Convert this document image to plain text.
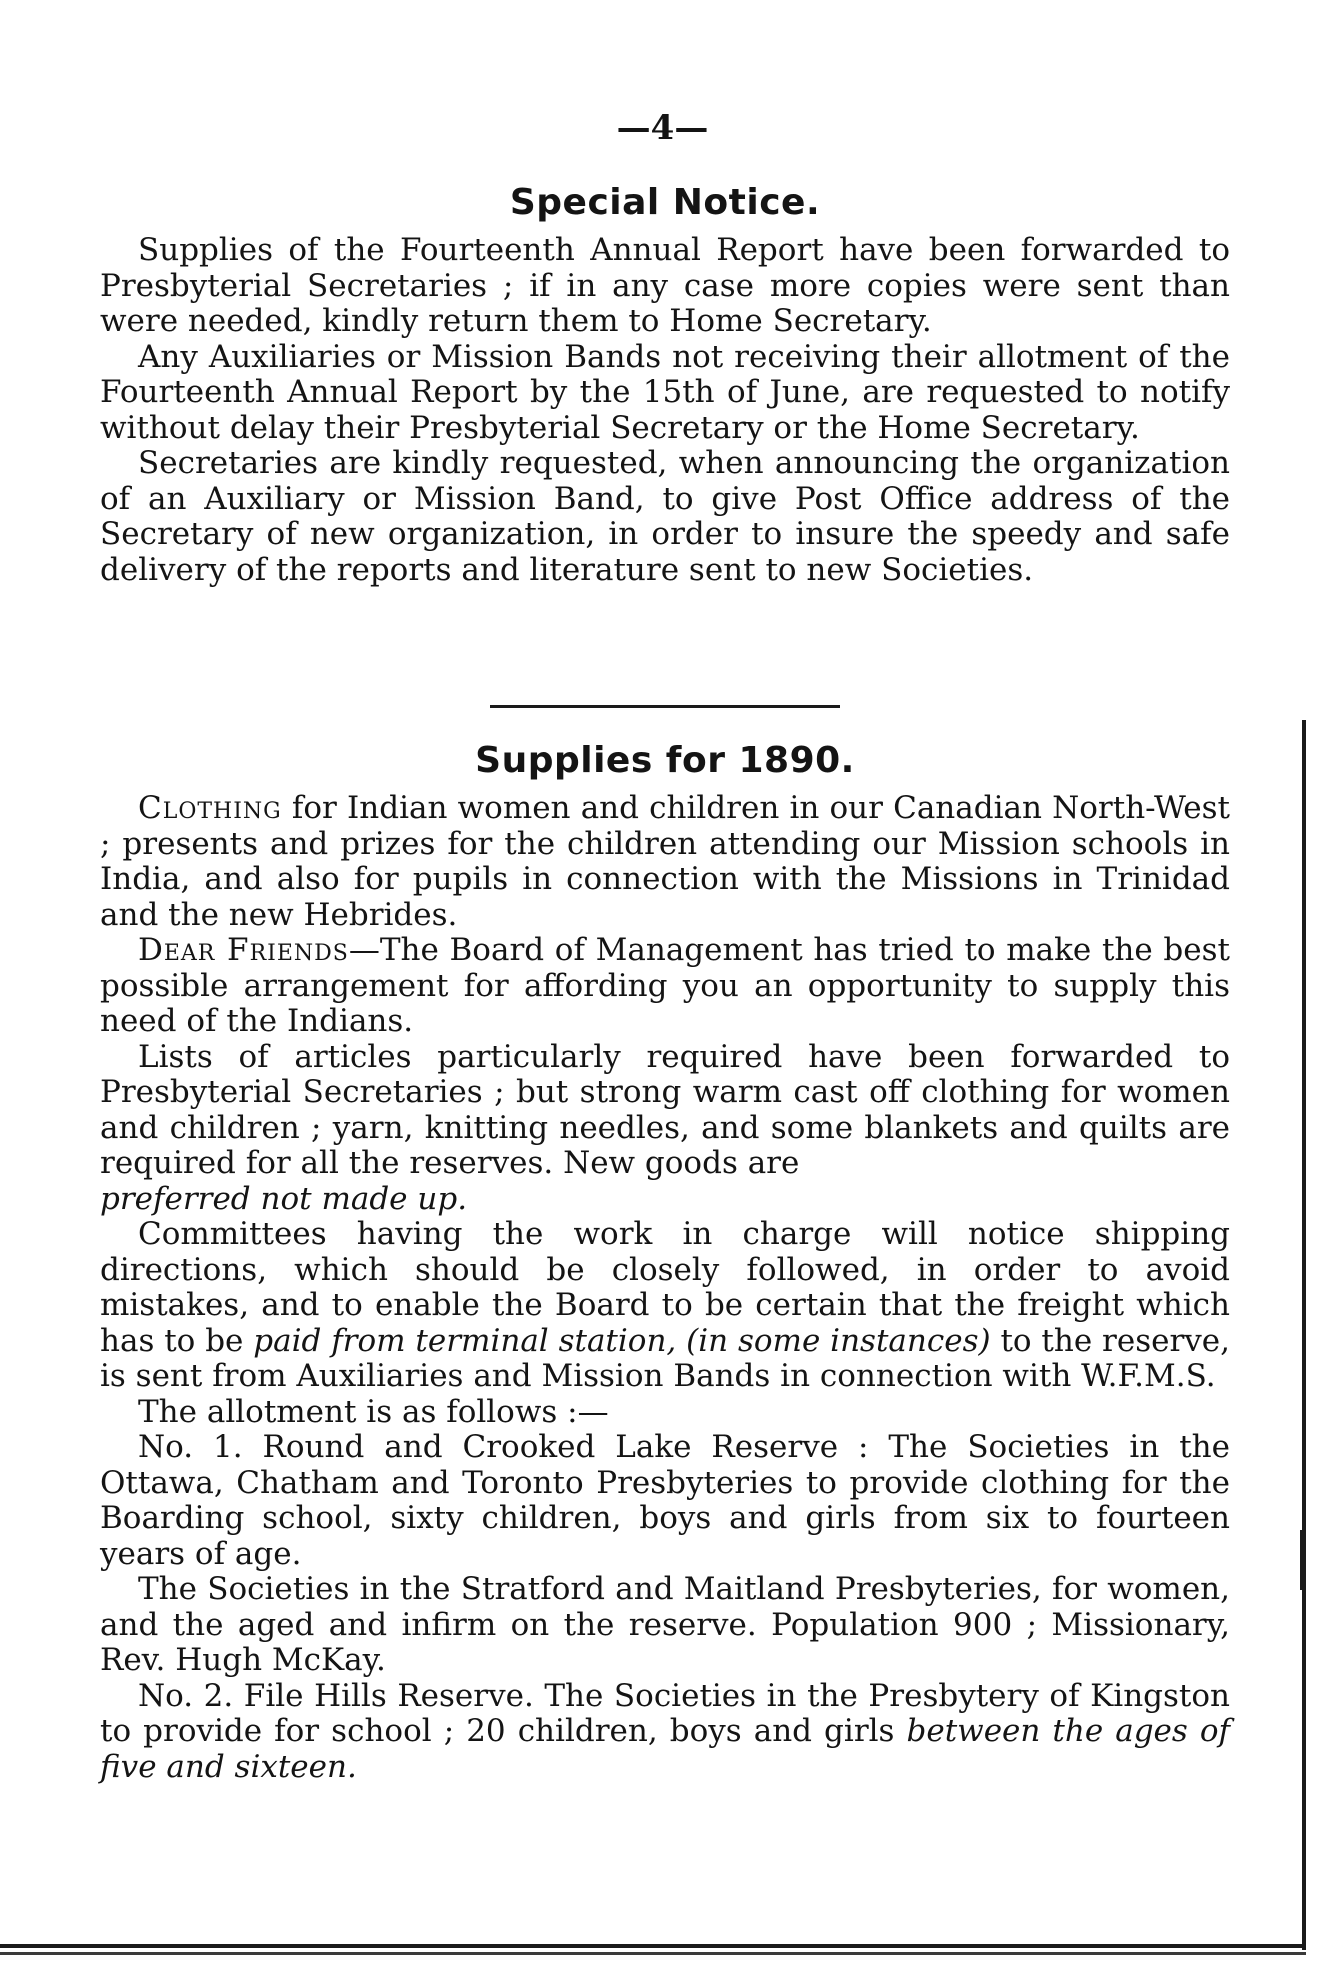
—4—
Special Notice.

Supplies of the Fourteenth Annual Report have been forwarded to Presbyterial Secretaries ; if in any case more copies were sent than were needed, kindly return them to Home Secretary.

Any Auxiliaries or Mission Bands not receiving their allotment of the Fourteenth Annual Report by the 15th of June, are requested to notify without delay their Presbyterial Secretary or the Home Secretary.

Secretaries are kindly requested, when announcing the organization of an Auxiliary or Mission Band, to give Post Office address of the Secretary of new organization, in order to insure the speedy and safe delivery of the reports and literature sent to new Societies.

Supplies for 1890.

Clothing for Indian women and children in our Canadian North-West ; presents and prizes for the children attending our Mission schools in India, and also for pupils in connection with the Missions in Trinidad and the new Hebrides.

Dear Friends—The Board of Management has tried to make the best possible arrangement for affording you an opportunity to supply this need of the Indians.

Lists of articles particularly required have been forwarded to Presbyterial Secretaries ; but strong warm cast off clothing for women and children ; yarn, knitting needles, and some blankets and quilts are required for all the reserves. New goods are

preferred not made up.

Committees having the work in charge will notice shipping directions, which should be closely followed, in order to avoid mistakes, and to enable the Board to be certain that the freight which has to be paid from terminal station, (in some instances) to the reserve, is sent from Auxiliaries and Mission Bands in connection with W.F.M.S.

The allotment is as follows :—

No. 1. Round and Crooked Lake Reserve : The Societies in the Ottawa, Chatham and Toronto Presbyteries to provide clothing for the Boarding school, sixty children, boys and girls from six to fourteen years of age.

The Societies in the Stratford and Maitland Presbyteries, for women, and the aged and infirm on the reserve. Population 900 ; Missionary, Rev. Hugh McKay.

No. 2. File Hills Reserve. The Societies in the Presbytery of Kingston to provide for school ; 20 children, boys and girls between the ages of five and sixteen.
